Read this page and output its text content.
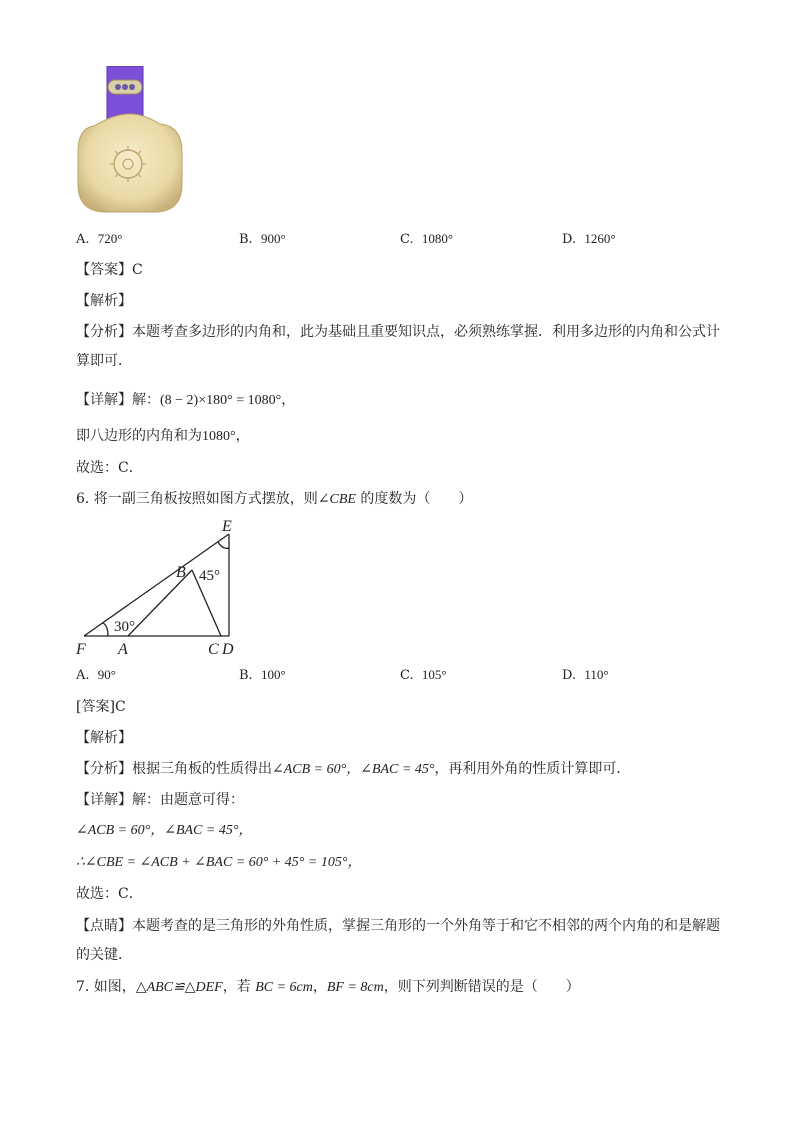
A. 720°	B. 900°	C. 1080°	D. 1260°
【答案】C
【解析】
【分析】本题考查多边形的内角和，此为基础且重要知识点，必须熟练掌握．利用多边形的内角和公式计算即可．
【详解】解：(8 − 2)×180° = 1080°，
即八边形的内角和为1080°，
故选：C．
6. 将一副三角板按照如图方式摆放，则∠CBE 的度数为（　　）
E
B 45°
30°
F A	C D
A. 90°	B. 100°	C. 105°	D. 110°
[答案]C
【解析】
【分析】根据三角板的性质得出∠ACB = 60°，∠BAC = 45°，再利用外角的性质计算即可．
【详解】解：由题意可得：
∠ACB = 60°，∠BAC = 45°，
∴∠CBE = ∠ACB + ∠BAC = 60° + 45° = 105°，
故选：C．
【点睛】本题考查的是三角形的外角性质，掌握三角形的一个外角等于和它不相邻的两个内角的和是解题的关键．
7. 如图，△ABC≌△DEF，若 BC = 6cm，BF = 8cm，则下列判断错误的是（　　）
